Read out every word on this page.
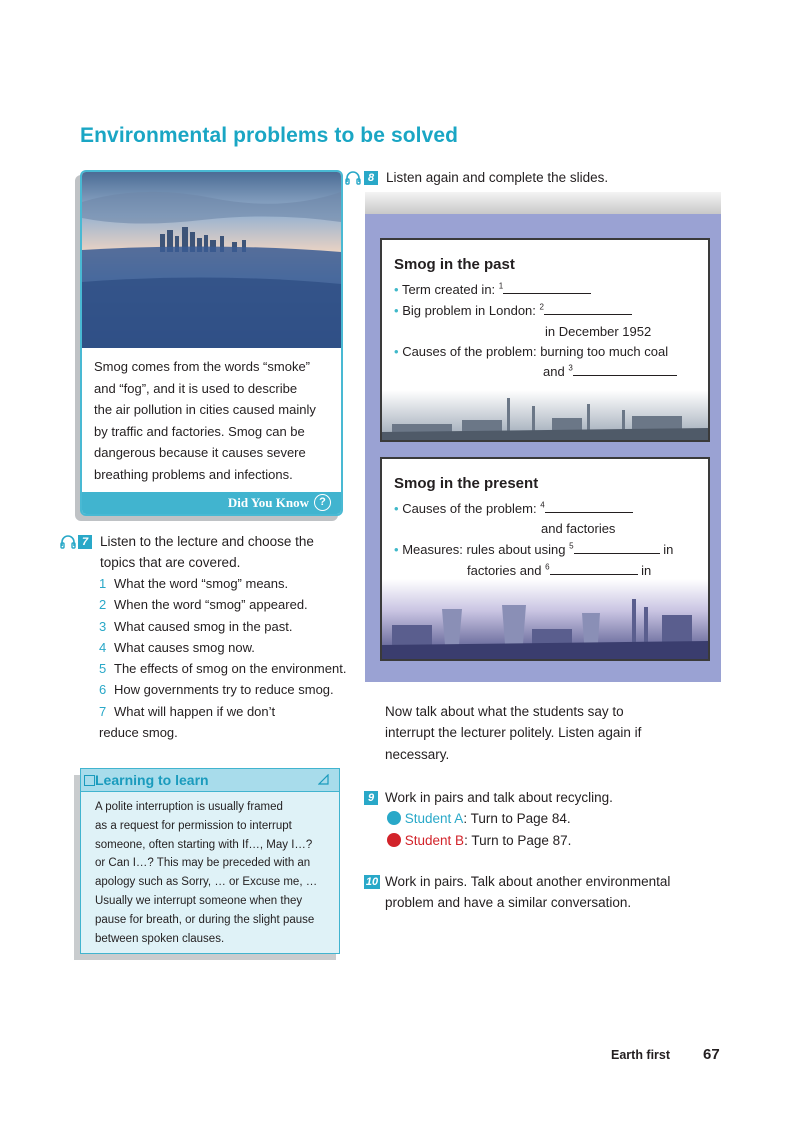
Environmental problems to be solved
Smog comes from the words “smoke”
and “fog”, and it is used to describe
the air pollution in cities caused mainly
by traffic and factories. Smog can be
dangerous because it causes severe
breathing problems and infections.
Did You Know ?
7 Listen to the lecture and choose the
topics that are covered.
1 What the word “smog” means.
2 When the word “smog” appeared.
3 What caused smog in the past.
4 What causes smog now.
5 The effects of smog on the environment.
6 How governments try to reduce smog.
7 What will happen if we don’t
reduce smog.
Learning to learn
A polite interruption is usually framed
as a request for permission to interrupt
someone, often starting with If…, May I…?
or Can I…? This may be preceded with an
apology such as Sorry, … or Excuse me, …
Usually we interrupt someone when they
pause for breath, or during the slight pause
between spoken clauses.
8 Listen again and complete the slides.
Smog in the past
• Term created in: $^1$
• Big problem in London: $^2$
in December 1952
• Causes of the problem: burning too much coal
and $^3$
Smog in the present
• Causes of the problem: $^4$
and factories
• Measures: rules about using $^5$	in
factories and $^6$	in
Now talk about what the students say to
interrupt the lecturer politely. Listen again if
necessary.
9 Work in pairs and talk about recycling.
Student A: Turn to Page 84.
Student B: Turn to Page 87.
10 Work in pairs. Talk about another environmental
problem and have a similar conversation.
Earth first 67
